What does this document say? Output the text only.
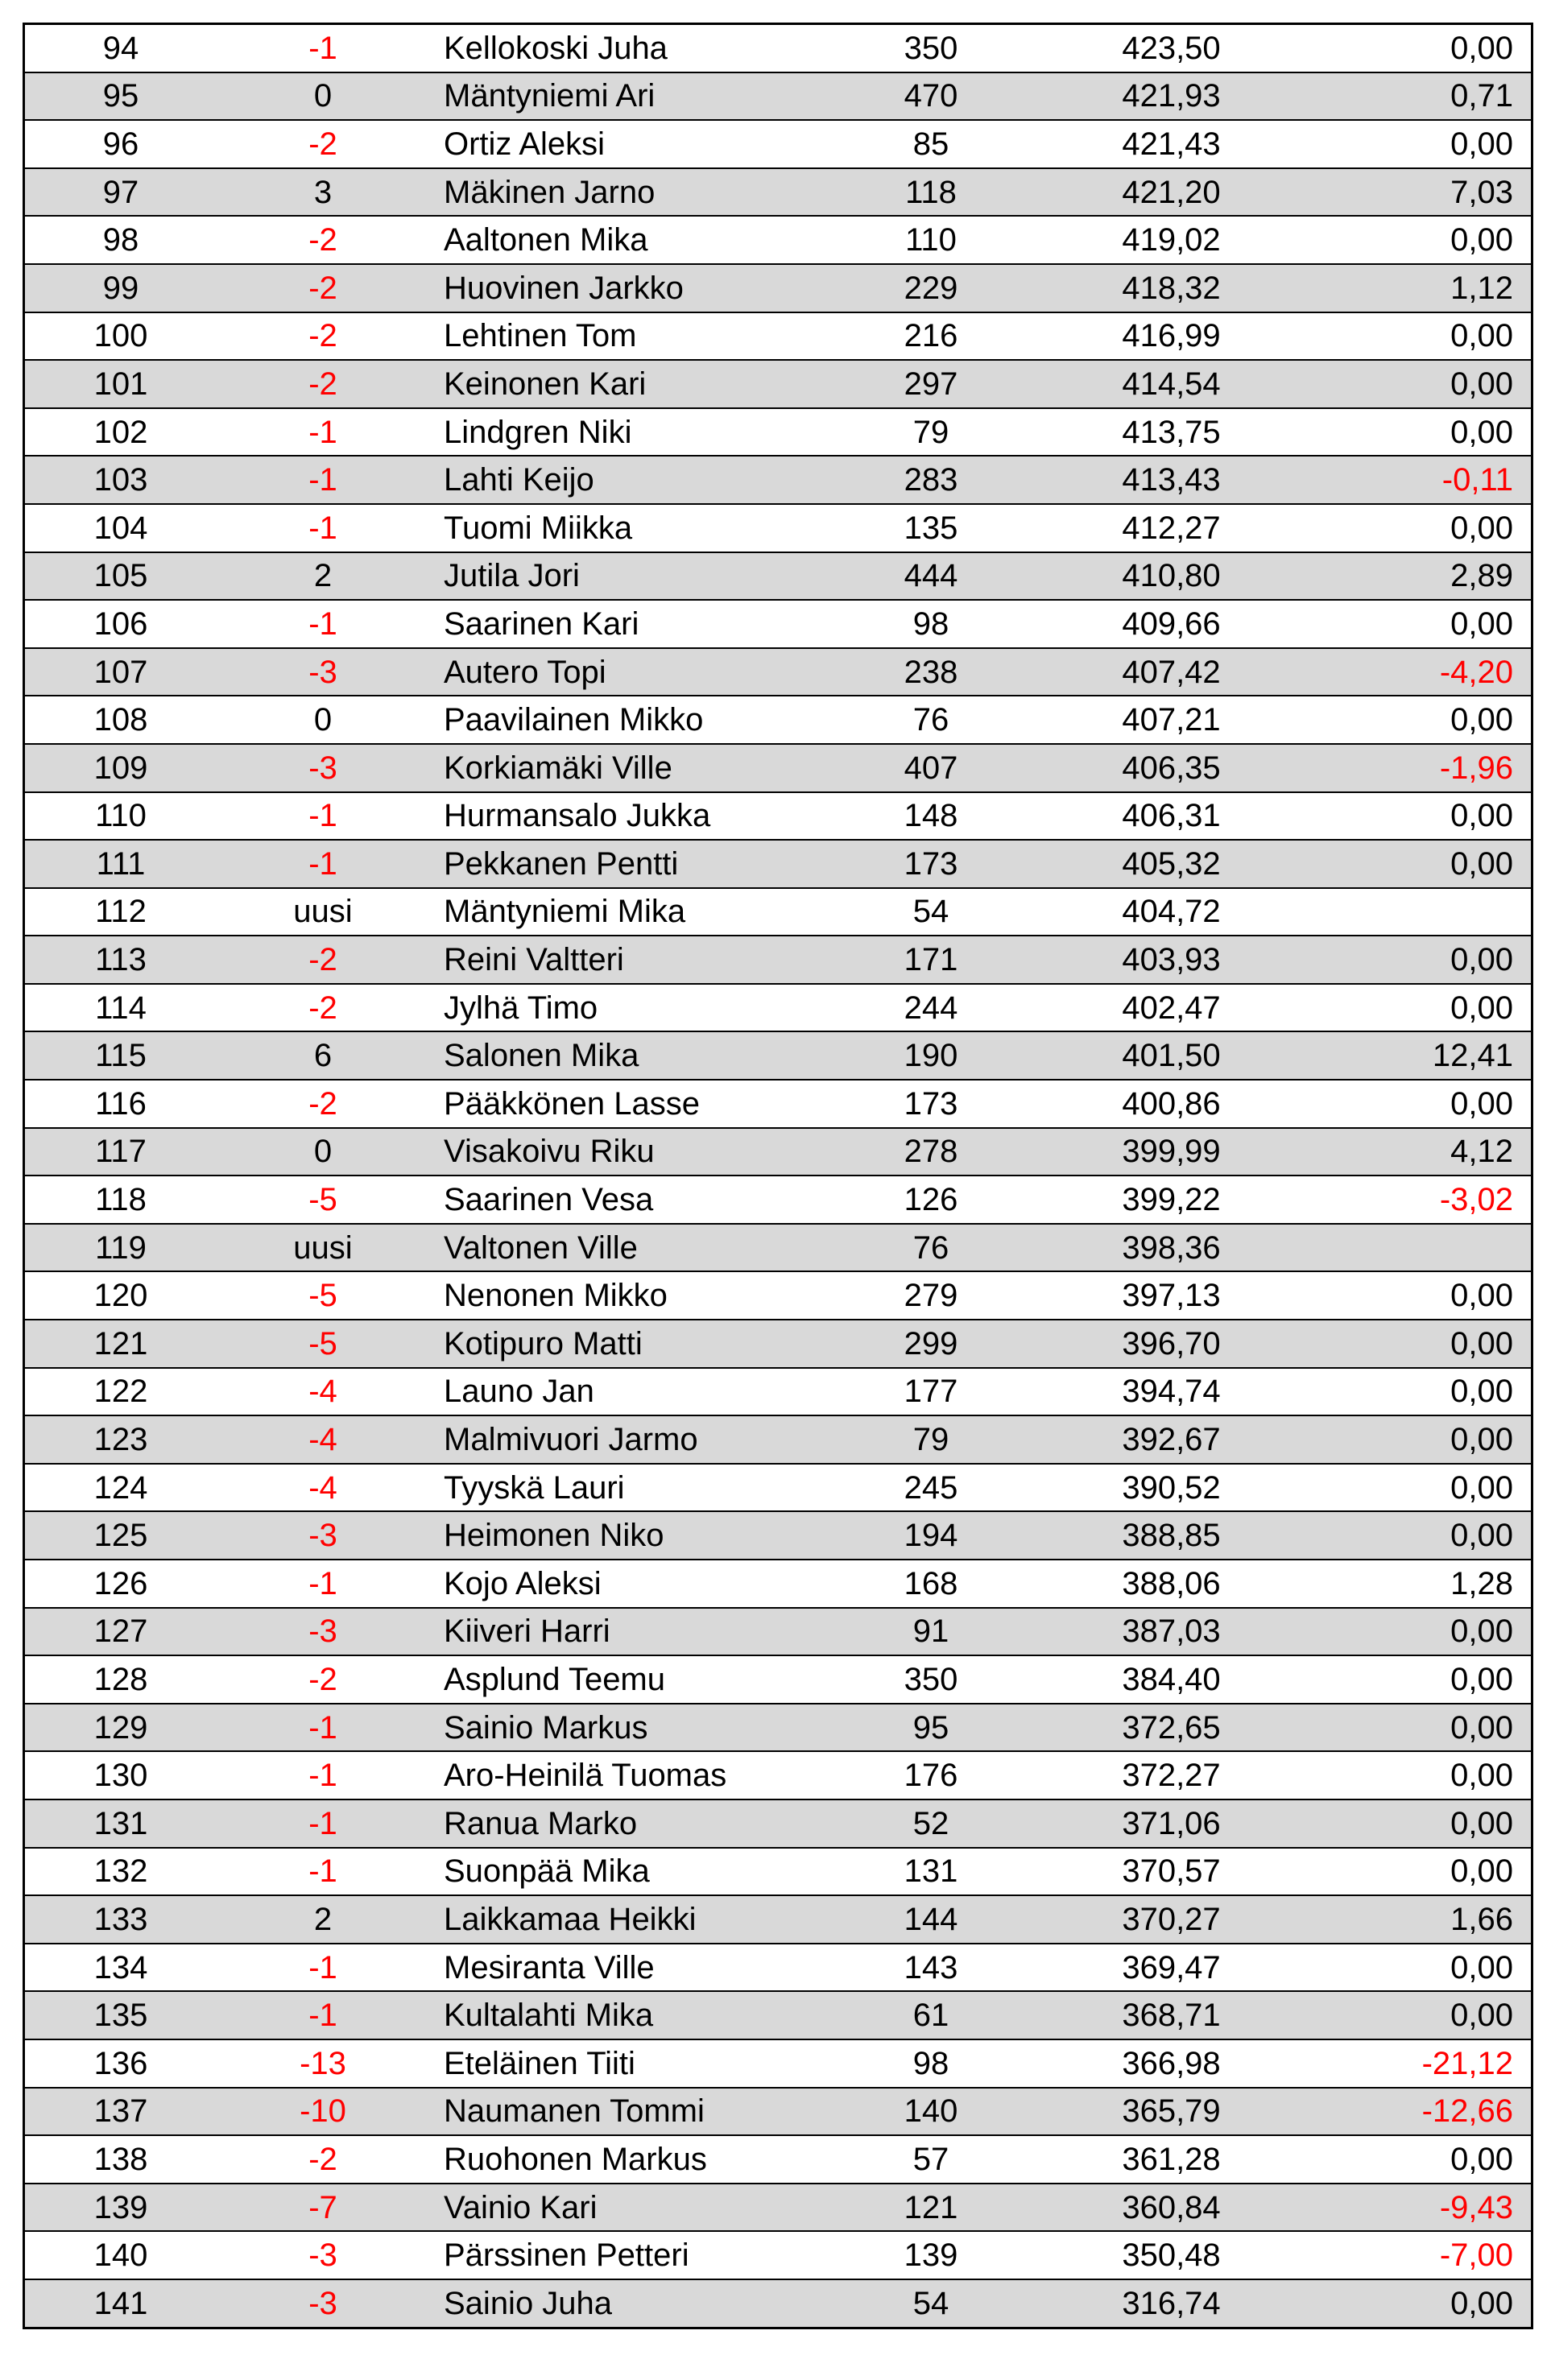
94	-1	Kellokoski Juha	350	423,50	0,00
95	0	Mäntyniemi Ari	470	421,93	0,71
96	-2	Ortiz Aleksi	85	421,43	0,00
97	3	Mäkinen Jarno	118	421,20	7,03
98	-2	Aaltonen Mika	110	419,02	0,00
99	-2	Huovinen Jarkko	229	418,32	1,12
100	-2	Lehtinen Tom	216	416,99	0,00
101	-2	Keinonen Kari	297	414,54	0,00
102	-1	Lindgren Niki	79	413,75	0,00
103	-1	Lahti Keijo	283	413,43	-0,11
104	-1	Tuomi Miikka	135	412,27	0,00
105	2	Jutila Jori	444	410,80	2,89
106	-1	Saarinen Kari	98	409,66	0,00
107	-3	Autero Topi	238	407,42	-4,20
108	0	Paavilainen Mikko	76	407,21	0,00
109	-3	Korkiamäki Ville	407	406,35	-1,96
110	-1	Hurmansalo Jukka	148	406,31	0,00
111	-1	Pekkanen Pentti	173	405,32	0,00
112	uusi	Mäntyniemi Mika	54	404,72	
113	-2	Reini Valtteri	171	403,93	0,00
114	-2	Jylhä Timo	244	402,47	0,00
115	6	Salonen Mika	190	401,50	12,41
116	-2	Pääkkönen Lasse	173	400,86	0,00
117	0	Visakoivu Riku	278	399,99	4,12
118	-5	Saarinen Vesa	126	399,22	-3,02
119	uusi	Valtonen Ville	76	398,36	
120	-5	Nenonen Mikko	279	397,13	0,00
121	-5	Kotipuro Matti	299	396,70	0,00
122	-4	Launo Jan	177	394,74	0,00
123	-4	Malmivuori Jarmo	79	392,67	0,00
124	-4	Tyyskä Lauri	245	390,52	0,00
125	-3	Heimonen Niko	194	388,85	0,00
126	-1	Kojo Aleksi	168	388,06	1,28
127	-3	Kiiveri Harri	91	387,03	0,00
128	-2	Asplund Teemu	350	384,40	0,00
129	-1	Sainio Markus	95	372,65	0,00
130	-1	Aro-Heinilä Tuomas	176	372,27	0,00
131	-1	Ranua Marko	52	371,06	0,00
132	-1	Suonpää Mika	131	370,57	0,00
133	2	Laikkamaa Heikki	144	370,27	1,66
134	-1	Mesiranta Ville	143	369,47	0,00
135	-1	Kultalahti Mika	61	368,71	0,00
136	-13	Eteläinen Tiiti	98	366,98	-21,12
137	-10	Naumanen Tommi	140	365,79	-12,66
138	-2	Ruohonen Markus	57	361,28	0,00
139	-7	Vainio Kari	121	360,84	-9,43
140	-3	Pärssinen Petteri	139	350,48	-7,00
141	-3	Sainio Juha	54	316,74	0,00
